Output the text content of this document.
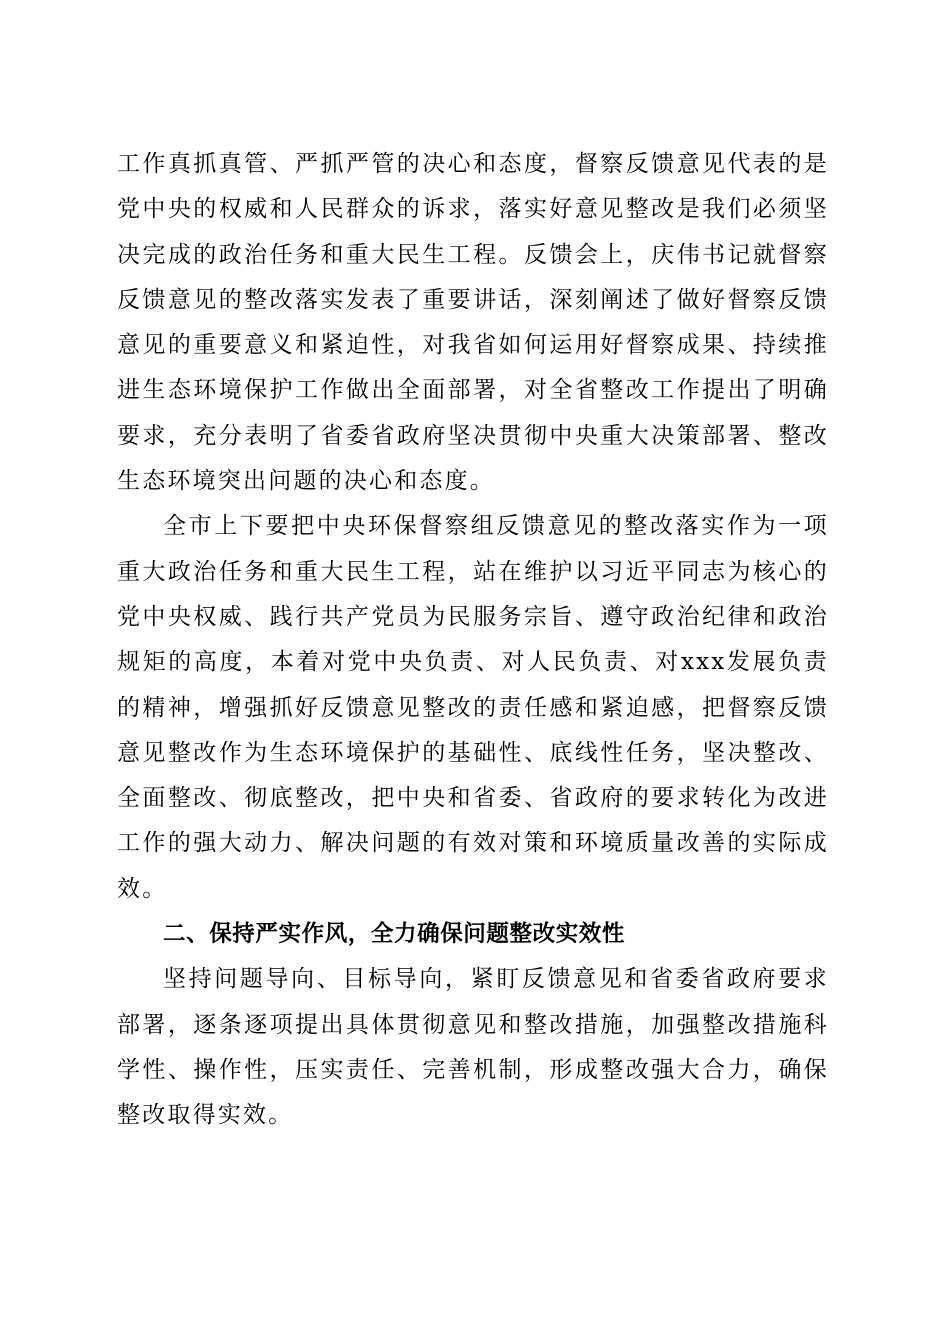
工作真抓真管、严抓严管的决心和态度，督察反馈意见代表的是党中央的权威和人民群众的诉求，落实好意见整改是我们必须坚决完成的政治任务和重大民生工程。反馈会上，庆伟书记就督察反馈意见的整改落实发表了重要讲话，深刻阐述了做好督察反馈意见的重要意义和紧迫性，对我省如何运用好督察成果、持续推进生态环境保护工作做出全面部署，对全省整改工作提出了明确要求，充分表明了省委省政府坚决贯彻中央重大决策部署、整改生态环境突出问题的决心和态度。

全市上下要把中央环保督察组反馈意见的整改落实作为一项重大政治任务和重大民生工程，站在维护以习近平同志为核心的党中央权威、践行共产党员为民服务宗旨、遵守政治纪律和政治规矩的高度，本着对党中央负责、对人民负责、对xxx发展负责的精神，增强抓好反馈意见整改的责任感和紧迫感，把督察反馈意见整改作为生态环境保护的基础性、底线性任务，坚决整改、全面整改、彻底整改，把中央和省委、省政府的要求转化为改进工作的强大动力、解决问题的有效对策和环境质量改善的实际成效。

二、保持严实作风，全力确保问题整改实效性

坚持问题导向、目标导向，紧盯反馈意见和省委省政府要求部署，逐条逐项提出具体贯彻意见和整改措施，加强整改措施科学性、操作性，压实责任、完善机制，形成整改强大合力，确保整改取得实效。
